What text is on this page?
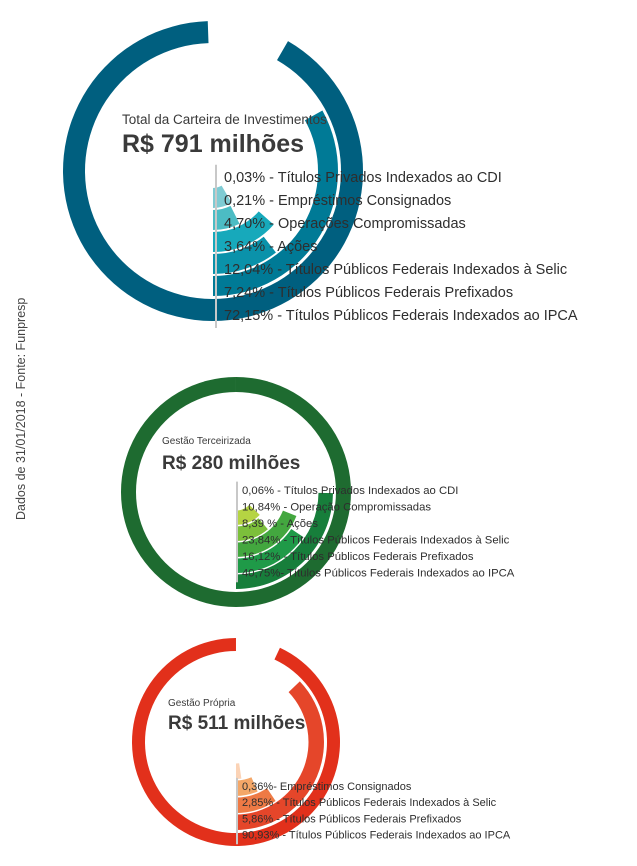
Dados de 31/01/2018 - Fonte: Funpresp
Total da Carteira de Investimentos
R$ 791 milhões
0,03% - Títulos Privados Indexados ao CDI
0,21% - Empréstimos Consignados
4,70% - Operações Compromissadas
3,64% - Ações
12,04% - Títulos Públicos Federais Indexados à Selic
7,24% - Títulos Públicos Federais Prefixados
72,15% - Títulos Públicos Federais Indexados ao IPCA
Gestão Terceirizada
R$ 280 milhões
0,06% - Títulos Privados Indexados ao CDI
10,84% - Operação Compromissadas
8,39 % - Ações
23,84% - Títulos Públicos Federais Indexados à Selic
16,12% - Títulos Públicos Federais Prefixados
40,75%- Títulos Públicos Federais Indexados ao IPCA
Gestão Própria
R$ 511 milhões
0,36%- Empréstimos Consignados
2,85% - Títulos Públicos Federais Indexados à Selic
5,86% - Títulos Públicos Federais Prefixados
90,93% - Títulos Públicos Federais Indexados ao IPCA
